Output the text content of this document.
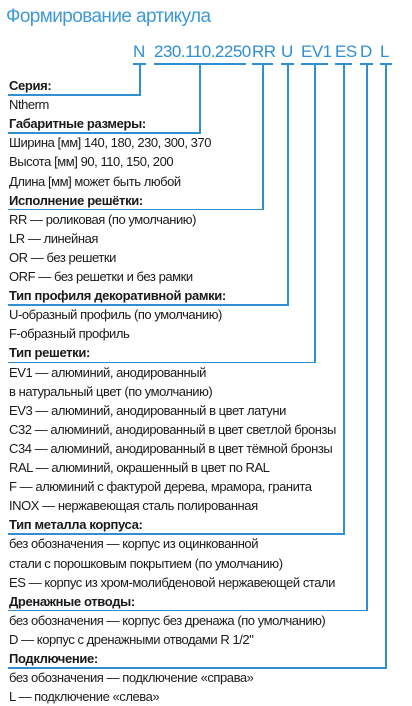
Формирование артикула
N 230.110.2250 RR U EV1 ES D L
Серия:
Ntherm
Габаритные размеры:
Ширина [мм] 140, 180, 230, 300, 370
Высота [мм] 90, 110, 150, 200
Длина [мм] может быть любой
Исполнение решётки:
RR — роликовая (по умолчанию)
LR — линейная
OR — без решетки
ORF — без решетки и без рамки
Тип профиля декоративной рамки:
U-образный профиль (по умолчанию)
F-образный профиль
Тип решетки:
EV1 — алюминий, анодированный
в натуральный цвет (по умолчанию)
EV3 — алюминий, анодированный в цвет латуни
C32 — алюминий, анодированный в цвет светлой бронзы
C34 — алюминий, анодированный в цвет тёмной бронзы
RAL — алюминий, окрашенный в цвет по RAL
F — алюминий с фактурой дерева, мрамора, гранита
INOX — нержавеющая сталь полированная
Тип металла корпуса:
без обозначения — корпус из оцинкованной
стали с порошковым покрытием (по умолчанию)
ES — корпус из хром-молибденовой нержавеющей стали
Дренажные отводы:
без обозначения — корпус без дренажа (по умолчанию)
D — корпус с дренажными отводами R 1/2"
Подключение:
без обозначения — подключение «справа»
L — подключение «слева»
